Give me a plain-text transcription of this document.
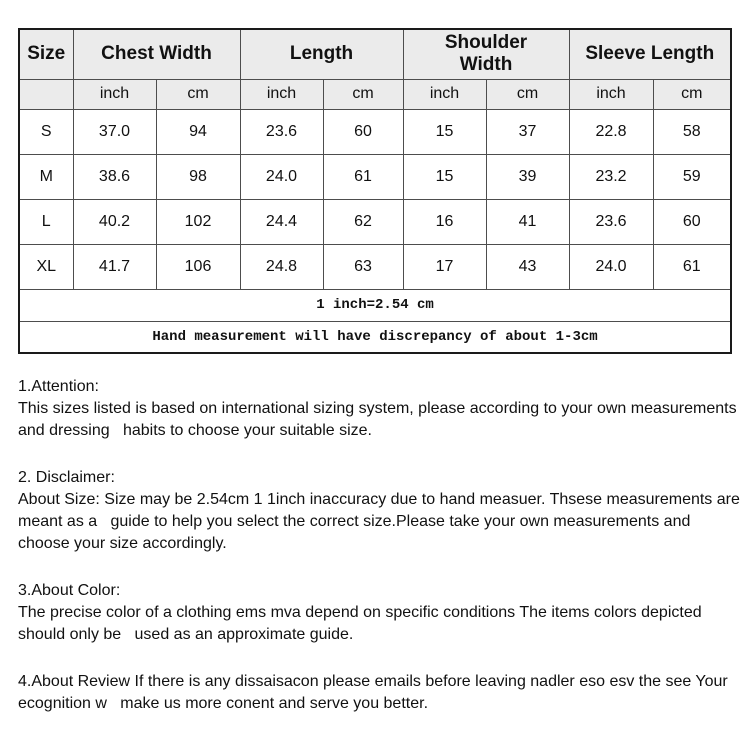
Size	Chest Width		Length		Shoulder Width		Sleeve Length	
	inch	cm	inch	cm	inch	cm	inch	cm
S	37.0	94	23.6	60	15	37	22.8	58
M	38.6	98	24.0	61	15	39	23.2	59
L	40.2	102	24.4	62	16	41	23.6	60
XL	41.7	106	24.8	63	17	43	24.0	61
1 inch=2.54 cm								
Hand measurement will have discrepancy of about 1-3cm								

1.Attention:

This sizes listed is based on international sizing system, please according to your own measurements and dressing   habits to choose your suitable size.

2. Disclaimer:

About Size: Size may be 2.54cm 1 1inch inaccuracy due to hand measuer. Thsese measurements are meant as a   guide to help you select the correct size.Please take your own measurements and choose your size accordingly.

3.About Color:

The precise color of a clothing ems mva depend on specific conditions The items colors depicted should only be   used as an approximate guide.

4.About Review If there is any dissaisacon please emails before leaving nadler eso esv the see Your ecognition w   make us more conent and serve you better.
